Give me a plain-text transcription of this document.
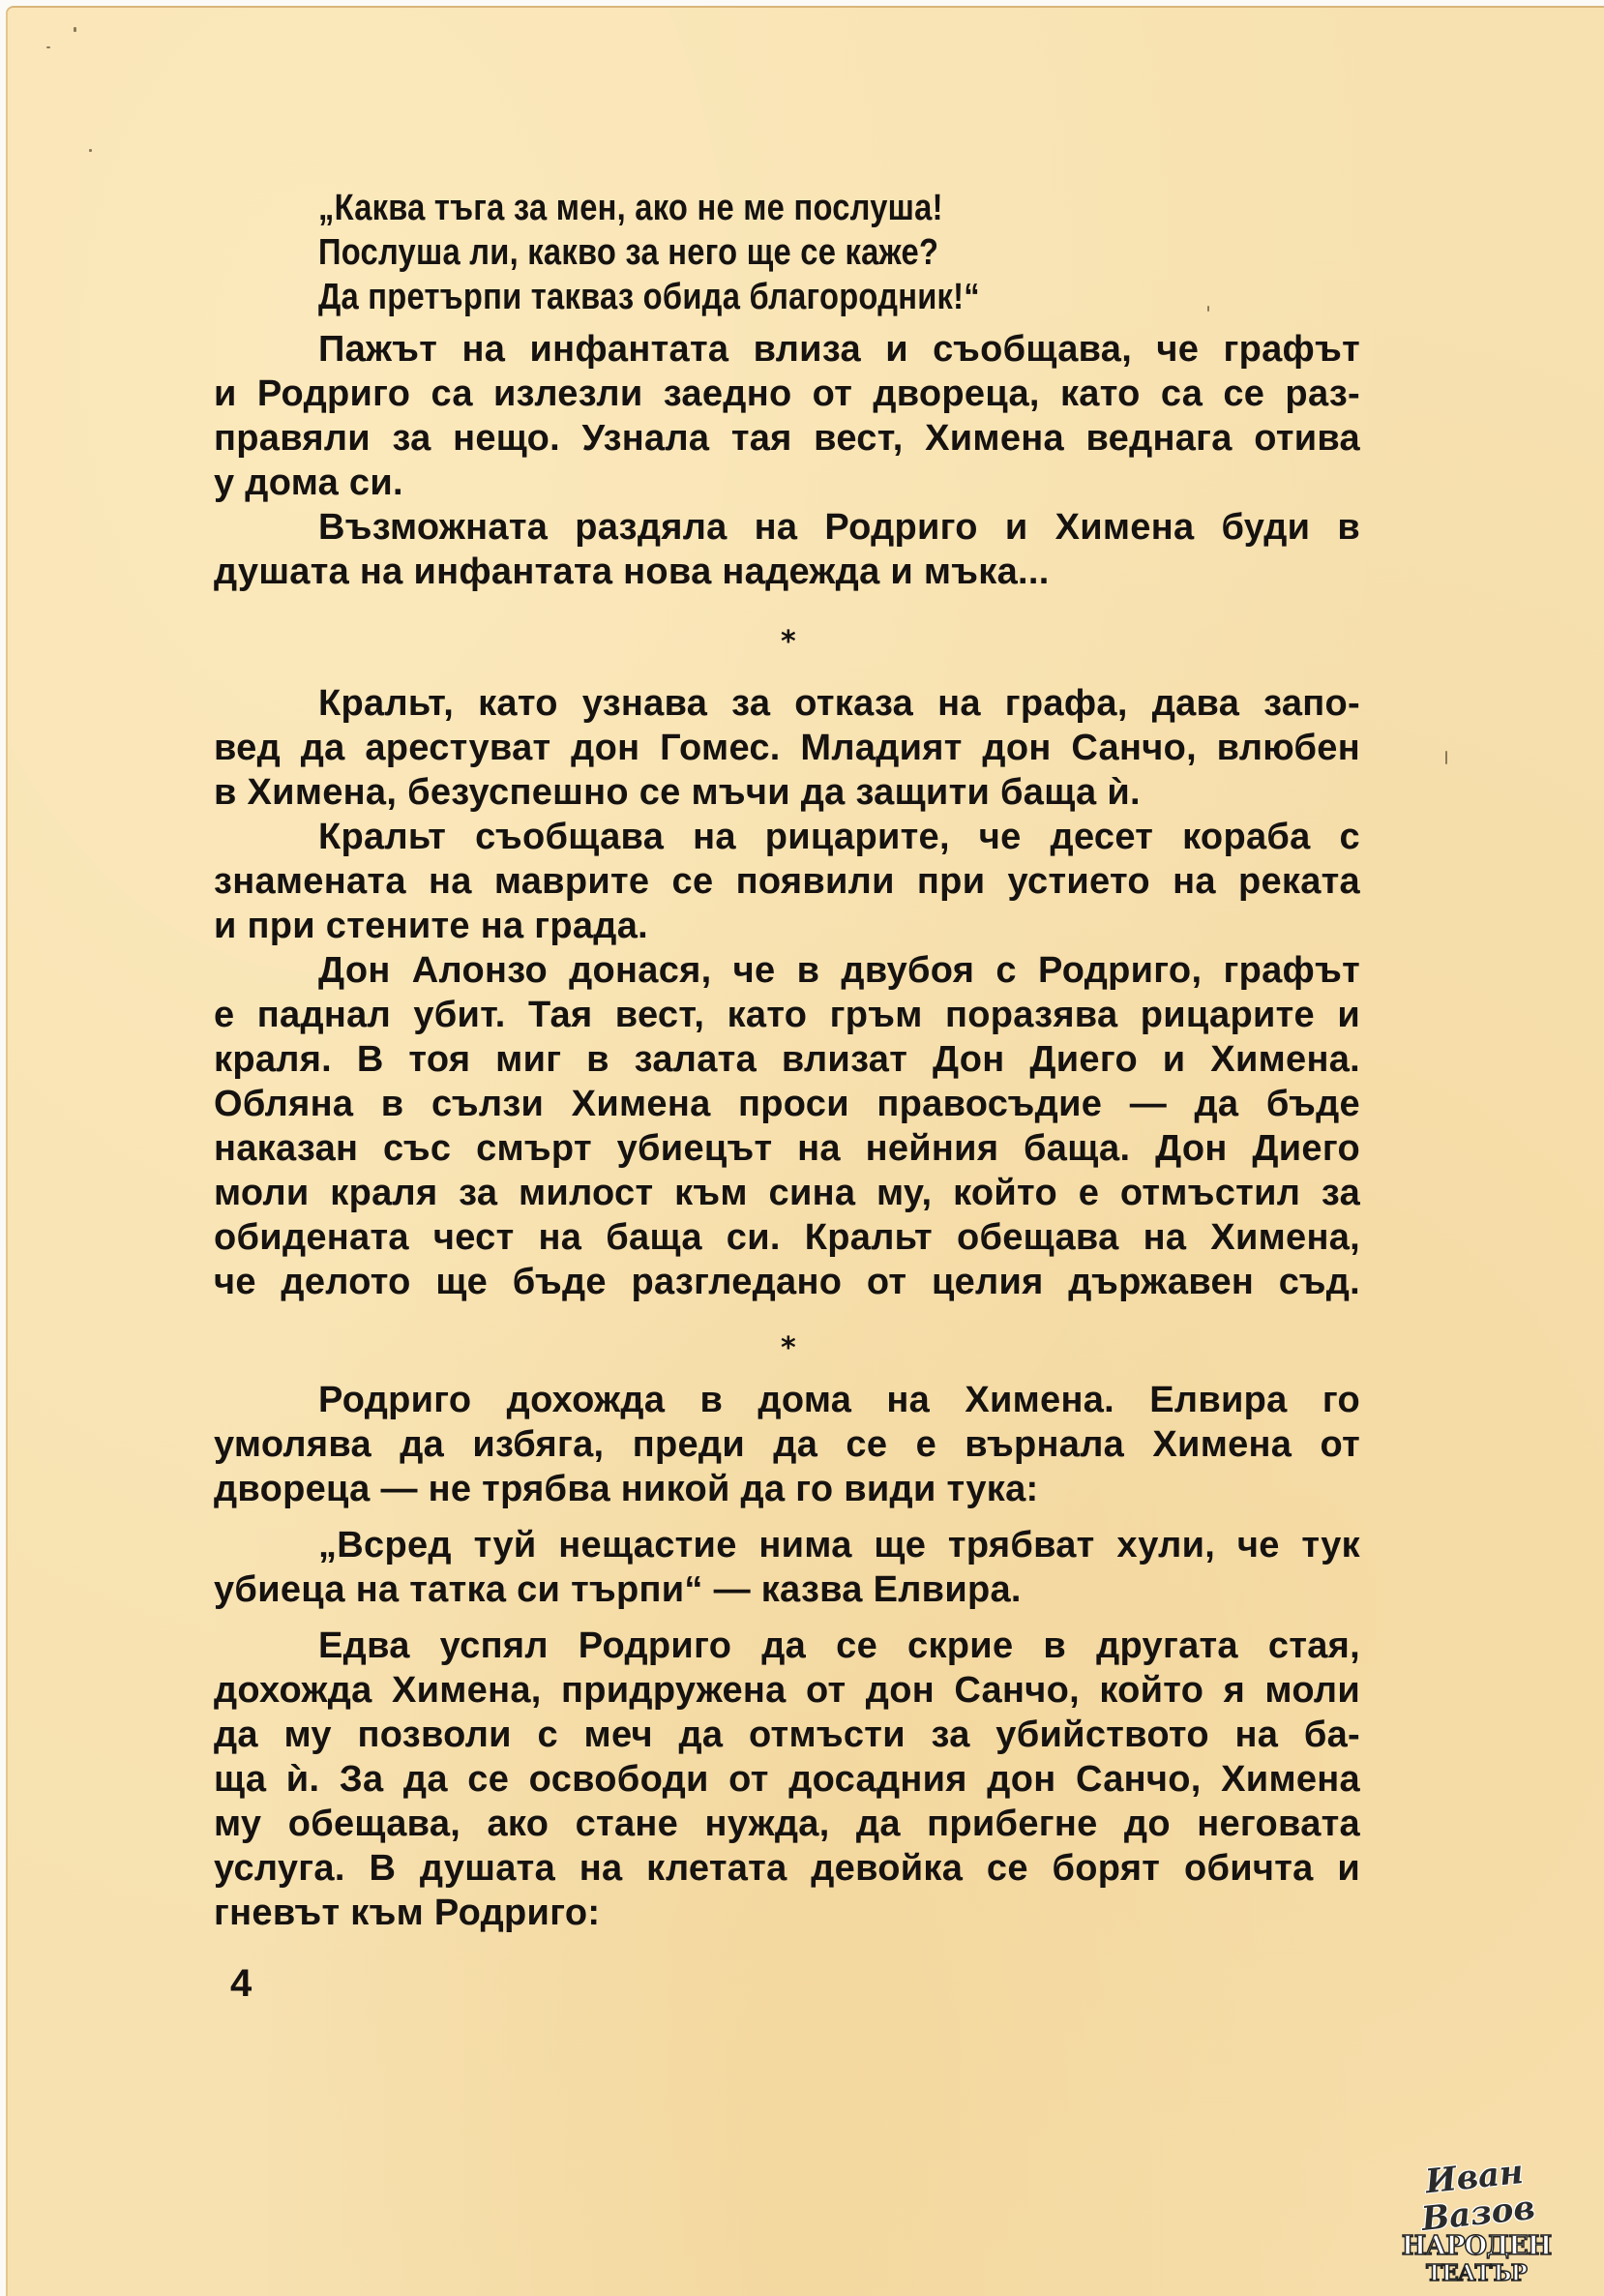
„Каква тъга за мен, ако не ме послуша!
Послуша ли, какво за него ще се каже?
Да претърпи такваз обида благородник!“
Пажът на инфантата влиза и съобщава, че графът
и Родриго са излезли заедно от двореца, като са се раз-
правяли за нещо. Узнала тая вест, Химена веднага отива
у дома си.
Възможната раздяла на Родриго и Химена буди в
душата на инфантата нова надежда и мъка...
*
Кральт, като узнава за отказа на графа, дава запо-
вед да арестуват дон Гомес. Младият дон Санчо, влюбен
в Химена, безуспешно се мъчи да защити баща ѝ.
Кральт съобщава на рицарите, че десет кораба с
знамената на маврите се появили при устието на реката
и при стените на града.
Дон Алонзо донася, че в двубоя с Родриго, графът
е паднал убит. Тая вест, като гръм поразява рицарите и
краля. В тоя миг в залата влизат Дон Диего и Химена.
Обляна в сълзи Химена проси правосъдие — да бъде
наказан със смърт убиецът на нейния баща. Дон Диего
моли краля за милост към сина му, който е отмъстил за
обидената чест на баща си. Кральт обещава на Химена,
че делото ще бъде разгледано от целия държавен съд.
*
Родриго дохожда в дома на Химена. Елвира го
умолява да избяга, преди да се е върнала Химена от
двореца — не трябва никой да го види тука:
„Всред туй нещастие нима ще трябват хули, че тук
убиеца на татка си търпи“ — казва Елвира.
Едва успял Родриго да се скрие в другата стая,
дохожда Химена, придружена от дон Санчо, който я моли
да му позволи с меч да отмъсти за убийството на ба-
ща ѝ. За да се освободи от досадния дон Санчо, Химена
му обещава, ако стане нужда, да прибегне до неговата
услуга. В душата на клетата девойка се борят обичта и
гневът към Родриго:
4
Иван Вазов
НАРОДЕН
ТЕАТЪР
